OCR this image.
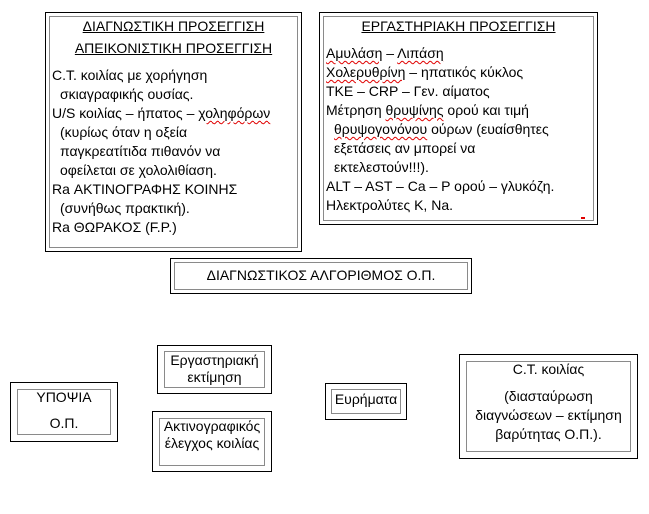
ΔΙΑΓΝΩΣΤΙΚΗ ΠΡΟΣΕΓΓΙΣΗ
ΑΠΕΙΚΟΝΙΣΤΙΚΗ ΠΡΟΣΕΓΓΙΣΗ
C.T. κοιλίας με χορήγηση
σκιαγραφικής ουσίας.
U/S κοιλίας – ήπατος – χοληφόρων
(κυρίως όταν η οξεία
παγκρεατίτιδα πιθανόν να
οφείλεται σε χολολιθίαση.
Ra ΑΚΤΙΝΟΓΡΑΦΗΣ ΚΟΙΝΗΣ
(συνήθως πρακτική).
Ra ΘΩΡΑΚΟΣ (F.P.)
ΕΡΓΑΣΤΗΡΙΑΚΗ ΠΡΟΣΕΓΓΙΣΗ
Αμυλάση – Λιπάση
Χολερυθρίνη – ηπατικός κύκλος
ΤΚΕ – CRP – Γεν. αίματος
Μέτρηση θρυψίνης ορού και τιμή
θρυψογονόνου ούρων (ευαίσθητες
εξετάσεις αν μπορεί να
εκτελεστούν!!!).
ALT – AST – Ca – P ορού – γλυκόζη.
Ηλεκτρολύτες K, Na.
ΔΙΑΓΝΩΣΤΙΚΟΣ ΑΛΓΟΡΙΘΜΟΣ Ο.Π.
ΥΠΟΨΙΑ
Ο.Π.
Εργαστηριακή
εκτίμηση
Ακτινογραφικός
έλεγχος κοιλίας
Ευρήματα
C.T. κοιλίας
(διασταύρωση
διαγνώσεων – εκτίμηση
βαρύτητας Ο.Π.).
